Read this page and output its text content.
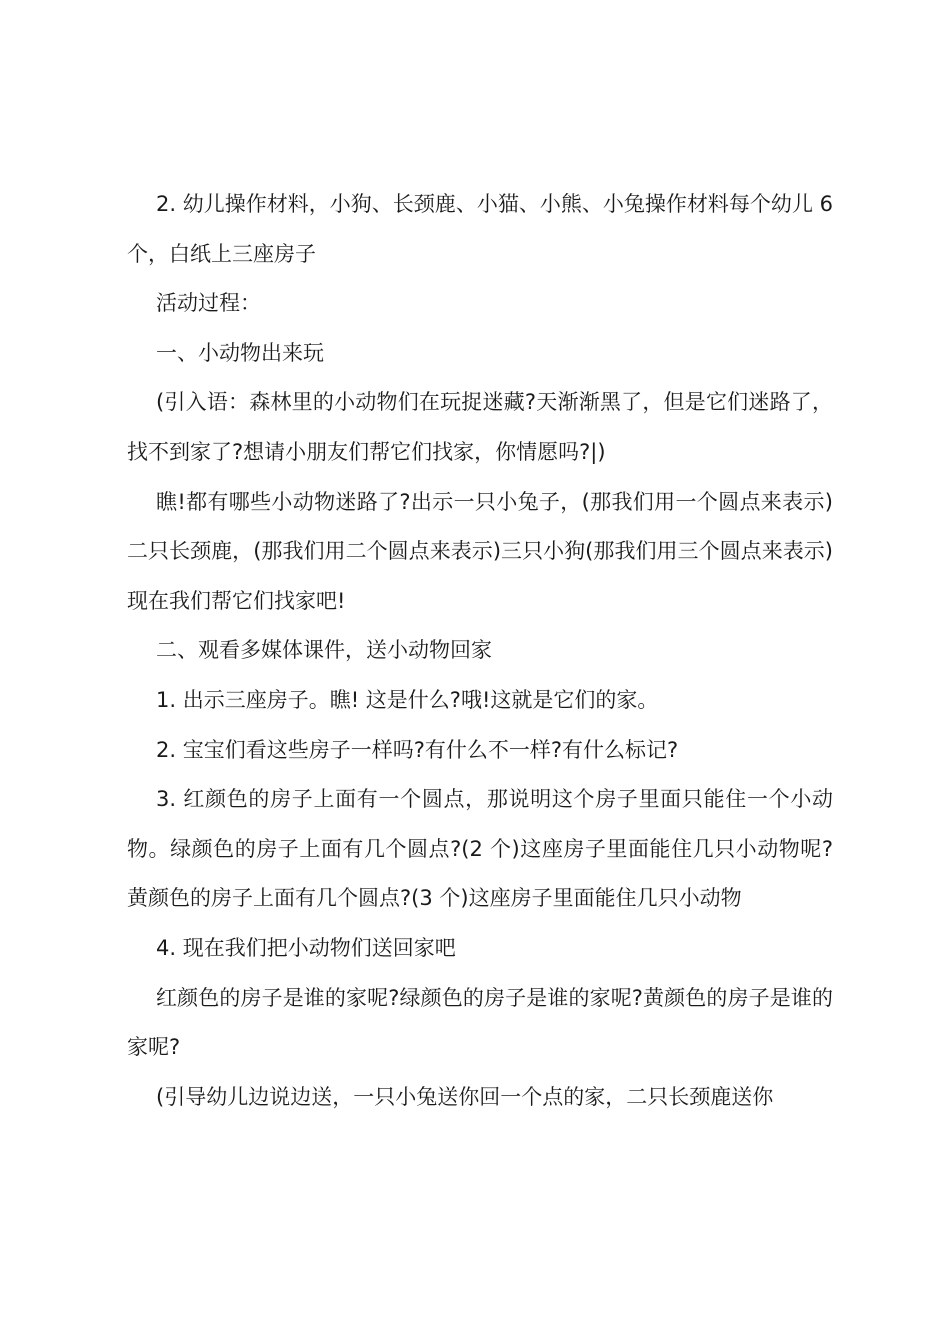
2. 幼儿操作材料，小狗、长颈鹿、小猫、小熊、小兔操作材料每个幼儿 6 个，白纸上三座房子

活动过程：

一、小动物出来玩

(引入语：森林里的小动物们在玩捉迷藏?天渐渐黑了，但是它们迷路了，找不到家了?想请小朋友们帮它们找家，你情愿吗?|)

瞧!都有哪些小动物迷路了?出示一只小兔子，(那我们用一个圆点来表示)二只长颈鹿，(那我们用二个圆点来表示)三只小狗(那我们用三个圆点来表示)现在我们帮它们找家吧!

二、观看多媒体课件，送小动物回家

1. 出示三座房子。瞧! 这是什么?哦!这就是它们的家。

2. 宝宝们看这些房子一样吗?有什么不一样?有什么标记?

3. 红颜色的房子上面有一个圆点，那说明这个房子里面只能住一个小动物。绿颜色的房子上面有几个圆点?(2 个)这座房子里面能住几只小动物呢?黄颜色的房子上面有几个圆点?(3 个)这座房子里面能住几只小动物

4. 现在我们把小动物们送回家吧

红颜色的房子是谁的家呢?绿颜色的房子是谁的家呢?黄颜色的房子是谁的家呢?

(引导幼儿边说边送，一只小兔送你回一个点的家，二只长颈鹿送你
